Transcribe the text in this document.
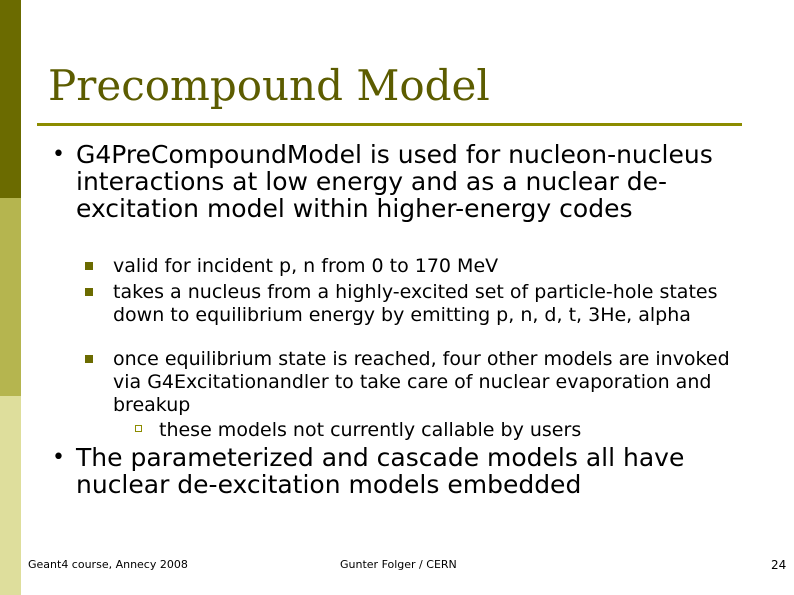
Precompound Model
• G4PreCompoundModel is used for nucleon-nucleus interactions at low energy and as a nuclear de-excitation model within higher-energy codes
valid for incident p, n from 0 to 170 MeV
takes a nucleus from a highly-excited set of particle-hole states down to equilibrium energy by emitting p, n, d, t, 3He, alpha
once equilibrium state is reached, four other models are invoked via G4Excitationandler to take care of nuclear evaporation and breakup
these models not currently callable by users
• The parameterized and cascade models all have nuclear de-excitation models embedded
Geant4 course, Annecy 2008	Gunter Folger / CERN	24
